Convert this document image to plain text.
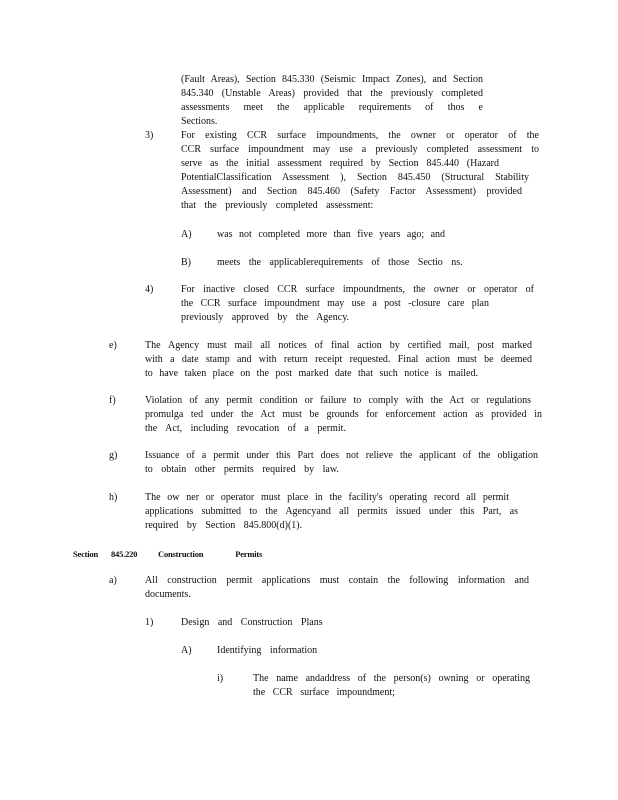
(Fault Areas), Section 845.330 (Seismic Impact Zones), and Section
845.340 (Unstable Areas) provided that the previously completed
assessments meet the applicable requirements of thos e Sections.
3)	For existing CCR surface impoundments, the owner or operator of the
CCR surface impoundment may use a previously completed assessment to
serve as the initial assessment required by Section 845.440 (Hazard
PotentialClassification Assessment ), Section 845.450 (Structural Stability
Assessment) and Section 845.460 (Safety Factor Assessment) provided
that the previously completed assessment:
A)	was not completed more than five years ago; and
B)	meets the applicablerequirements of those Sectio ns.
4)	For inactive closed CCR surface impoundments, the owner or operator of
the CCR surface impoundment may use a post -closure care plan
previously approved by the Agency.
e)	The Agency must mail all notices of final action by certified mail, post marked
with a date stamp and with return receipt requested. Final action must be deemed
to have taken place on the post marked date that such notice is mailed.
f)	Violation of any permit condition or failure to comply with the Act or regulations
promulga ted under the Act must be grounds for enforcement action as provided in
the Act, including revocation of a permit.
g)	Issuance of a permit under this Part does not relieve the applicant of the obligation
to obtain other permits required by law.
h)	The ow ner or operator must place in the facility's operating record all permit
applications submitted to the Agencyand all permits issued under this Part, as
required by Section 845.800(d)(1).
Section 845.220 Construction Permits
a)	All construction permit applications must contain the following information and
documents.
1)	Design and Construction Plans
A)	Identifying information
i)	The name andaddress of the person(s) owning or operating
the CCR surface impoundment;
